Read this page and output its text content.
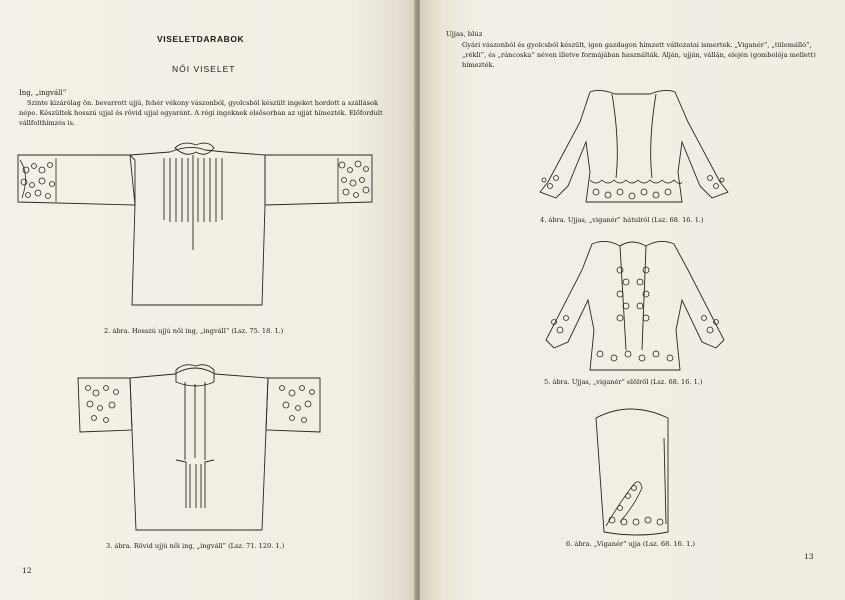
VISELETDARABOK
NŐI VISELET
Ing, „ingváll”
Szinte kizárólag ön. bevarrott ujjú, fehér vékony vászonból, gyolcsból készült ingeket hordott a szállások
népe. Készültek hosszú ujjal és rövid ujjal egyaránt. A régi ingeknek elsősorban az ujját hímezték. Előfordult
vállfolthímzés is.
2. ábra. Hosszú ujjú női ing, „ingváll” (Lsz. 75. 18. 1.)
3. ábra. Rövid ujjú női ing, „ingváll” (Lsz. 71. 120. 1.)
12
Ujjas, blúz
Gyári vászonból és gyolcsból készült, igen gazdagon hímzett változatai ismertek. „Viganér”, „tülemálló”,
„rékli”, és „ráncoska” néven illetve formájában használták. Alján, ujján, vállán, elején (gombolója mellett)
hímezték.
4. ábra. Ujjas, „viganér” hátulról (Lsz. 68. 16. 1.)
5. ábra. Ujjas, „viganér” elölről (Lsz. 68. 16. 1.)
6. ábra. „Viganér” ujja (Lsz. 68. 16. 1.)
13
